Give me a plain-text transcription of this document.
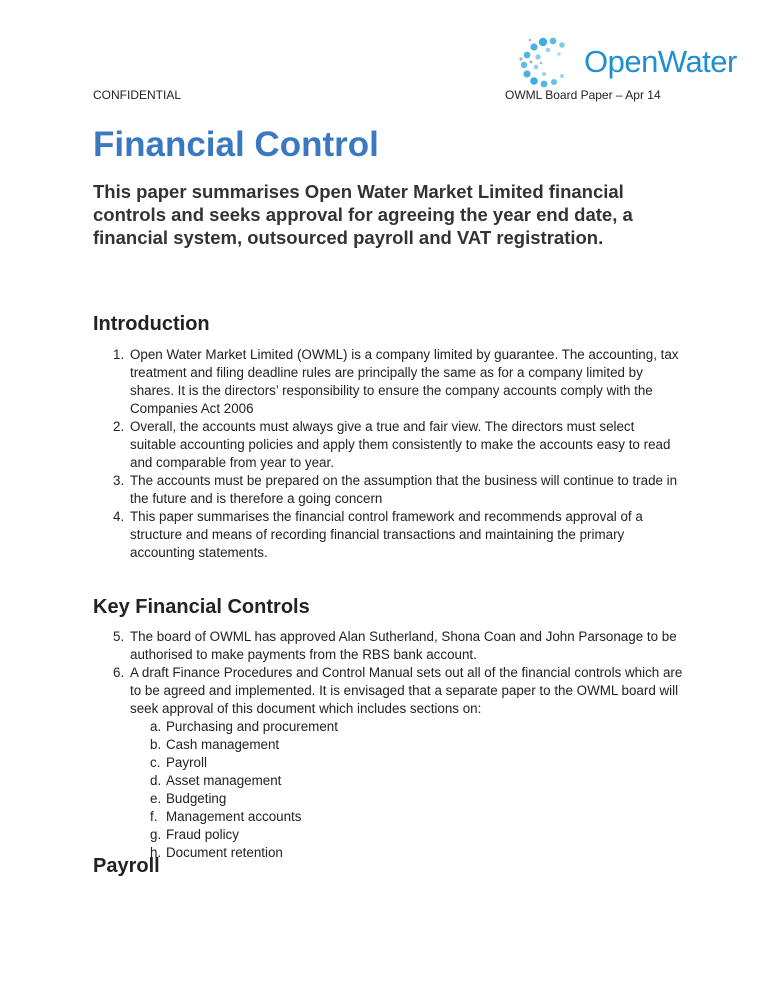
OpenWater
CONFIDENTIAL	OWML Board Paper – Apr 14
Financial Control

This paper summarises Open Water Market Limited financial controls and seeks approval for agreeing the year end date, a financial system, outsourced payroll and VAT registration.

Introduction
1. Open Water Market Limited (OWML) is a company limited by guarantee. The accounting, tax treatment and filing deadline rules are principally the same as for a company limited by shares. It is the directors’ responsibility to ensure the company accounts comply with the Companies Act 2006
2. Overall, the accounts must always give a true and fair view. The directors must select suitable accounting policies and apply them consistently to make the accounts easy to read and comparable from year to year.
3. The accounts must be prepared on the assumption that the business will continue to trade in the future and is therefore a going concern
4. This paper summarises the financial control framework and recommends approval of a structure and means of recording financial transactions and maintaining the primary accounting statements.
Key Financial Controls
5. The board of OWML has approved Alan Sutherland, Shona Coan and John Parsonage to be authorised to make payments from the RBS bank account.
6. A draft Finance Procedures and Control Manual sets out all of the financial controls which are to be agreed and implemented. It is envisaged that a separate paper to the OWML board will seek approval of this document which includes sections on:
a. Purchasing and procurement
b. Cash management
c. Payroll
d. Asset management
e. Budgeting
f. Management accounts
g. Fraud policy
h. Document retention
Payroll
